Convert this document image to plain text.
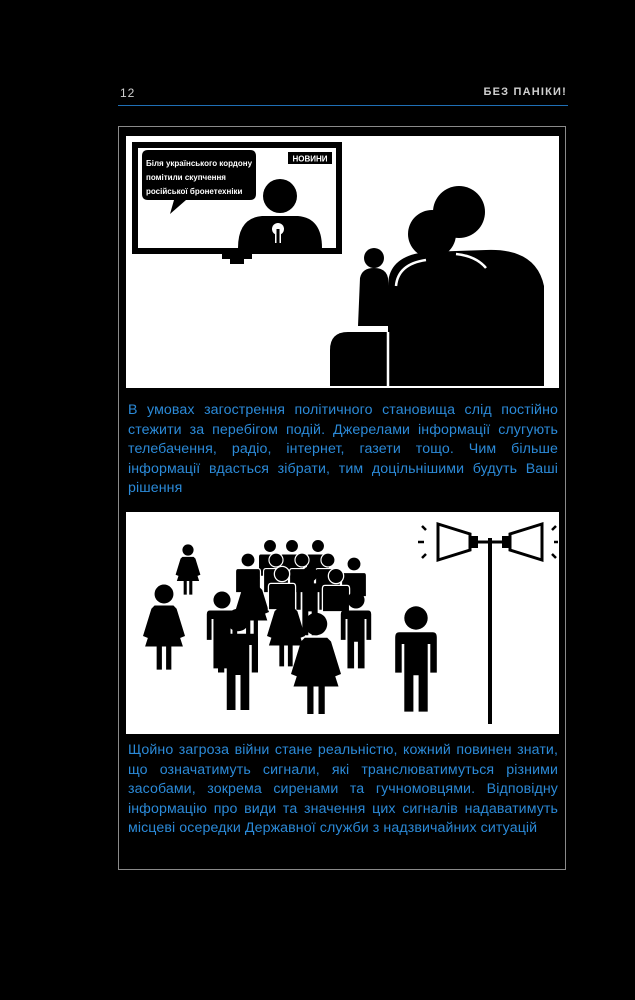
12	БЕЗ ПАНІКИ!
Біля українського кордону
помітили скупчення
російської бронетехніки
НОВИНИ
В умовах загострення політичного становища слід постійно стежити за перебігом подій. Джерелами інформації слугують телебачення, радіо, інтернет, газети тощо. Чим більше інформації вдасться зібрати, тим доцільнішими будуть Ваші рішення
Щойно загроза війни стане реальністю, кожний повинен знати, що означатимуть сигнали, які транслюватимуться різними засобами, зокрема сиренами та гучномовцями. Відповідну інформацію про види та значення цих сигналів надаватимуть місцеві осередки Державної служби з надзвичайних ситуацій
